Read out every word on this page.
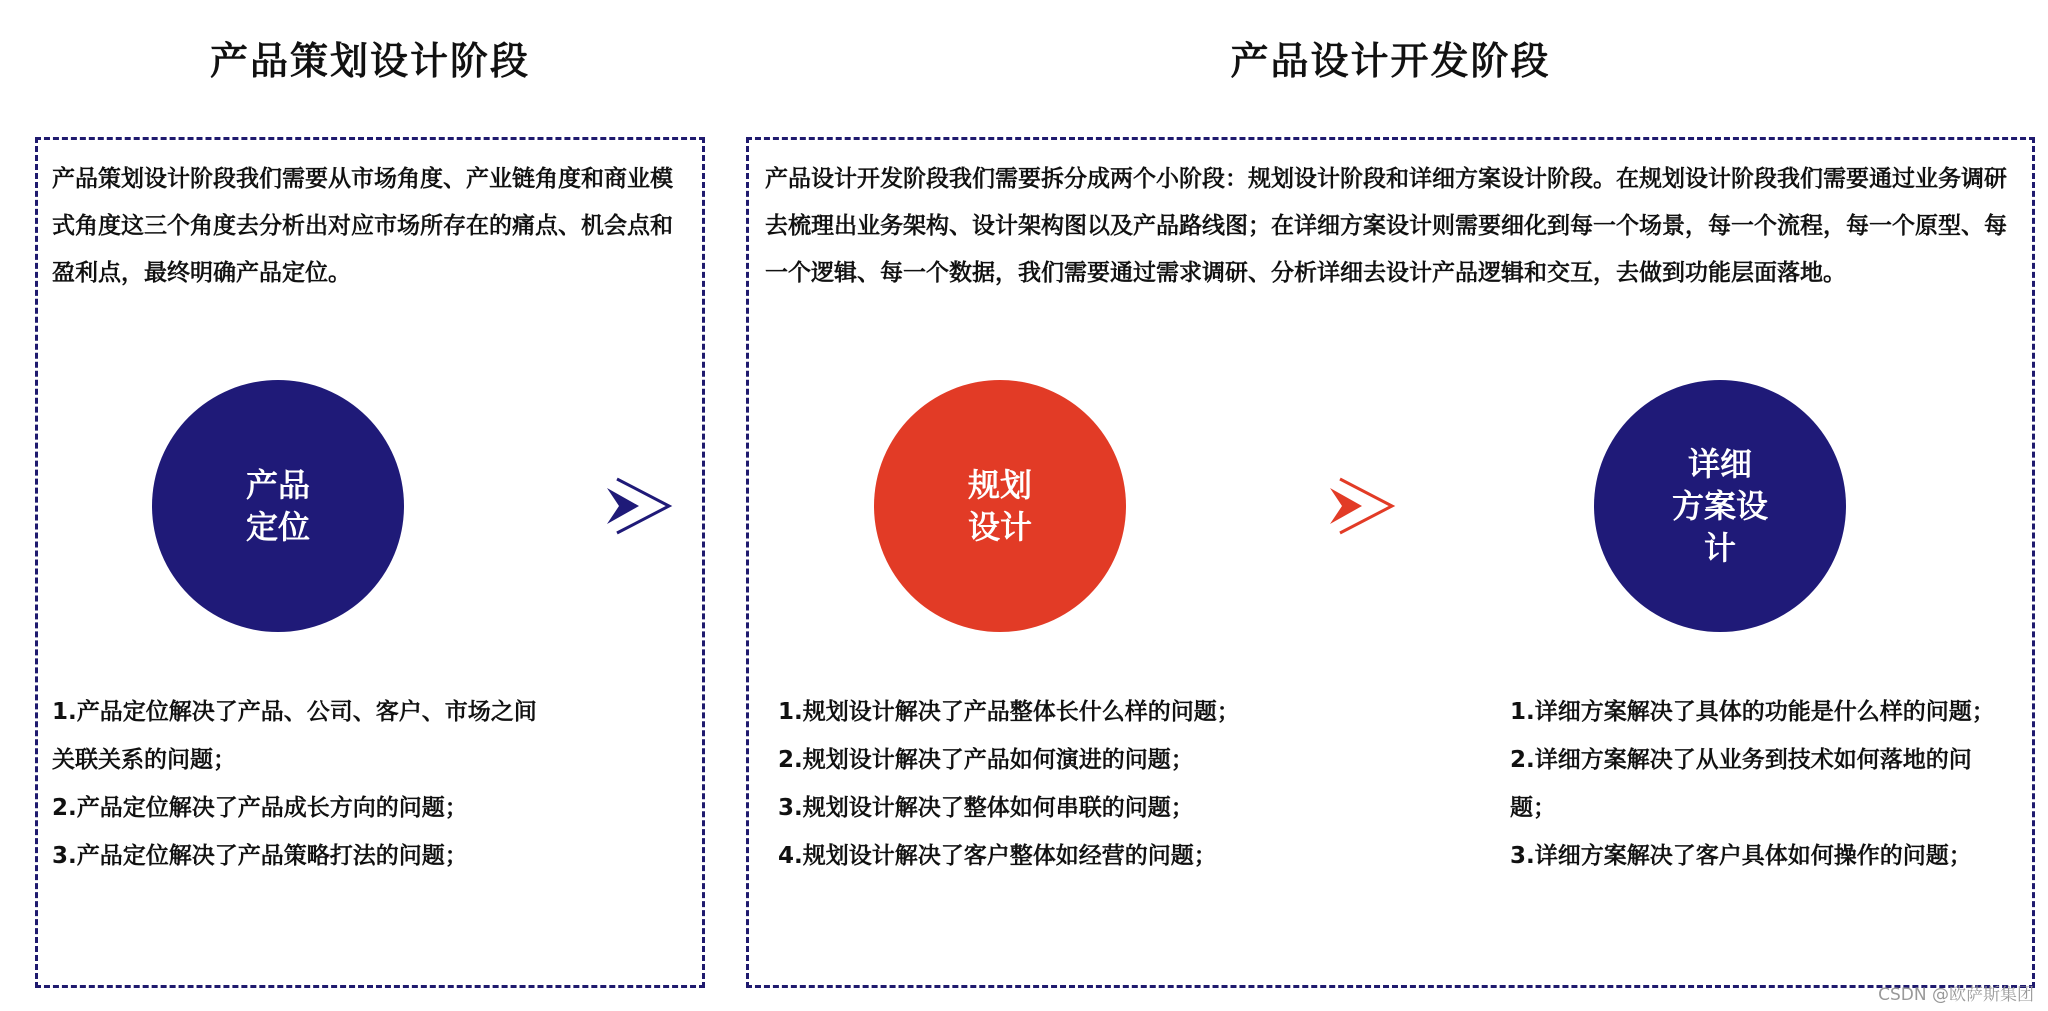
产品策划设计阶段	产品设计开发阶段
产品策划设计阶段我们需要从市场角度、产业链角度和商业模式角度这三个角度去分析出对应市场所存在的痛点、机会点和盈利点，最终明确产品定位。
产品设计开发阶段我们需要拆分成两个小阶段：规划设计阶段和详细方案设计阶段。在规划设计阶段我们需要通过业务调研去梳理出业务架构、设计架构图以及产品路线图；在详细方案设计则需要细化到每一个场景，每一个流程，每一个原型、每一个逻辑、每一个数据，我们需要通过需求调研、分析详细去设计产品逻辑和交互，去做到功能层面落地。
产品
定位
规划
设计
详细
方案设
计
1.产品定位解决了产品、公司、客户、市场之间关联关系的问题；
2.产品定位解决了产品成长方向的问题；
3.产品定位解决了产品策略打法的问题；
1.规划设计解决了产品整体长什么样的问题；
2.规划设计解决了产品如何演进的问题；
3.规划设计解决了整体如何串联的问题；
4.规划设计解决了客户整体如经营的问题；
1.详细方案解决了具体的功能是什么样的问题；
2.详细方案解决了从业务到技术如何落地的问题；
3.详细方案解决了客户具体如何操作的问题；
CSDN @欧萨斯集团
